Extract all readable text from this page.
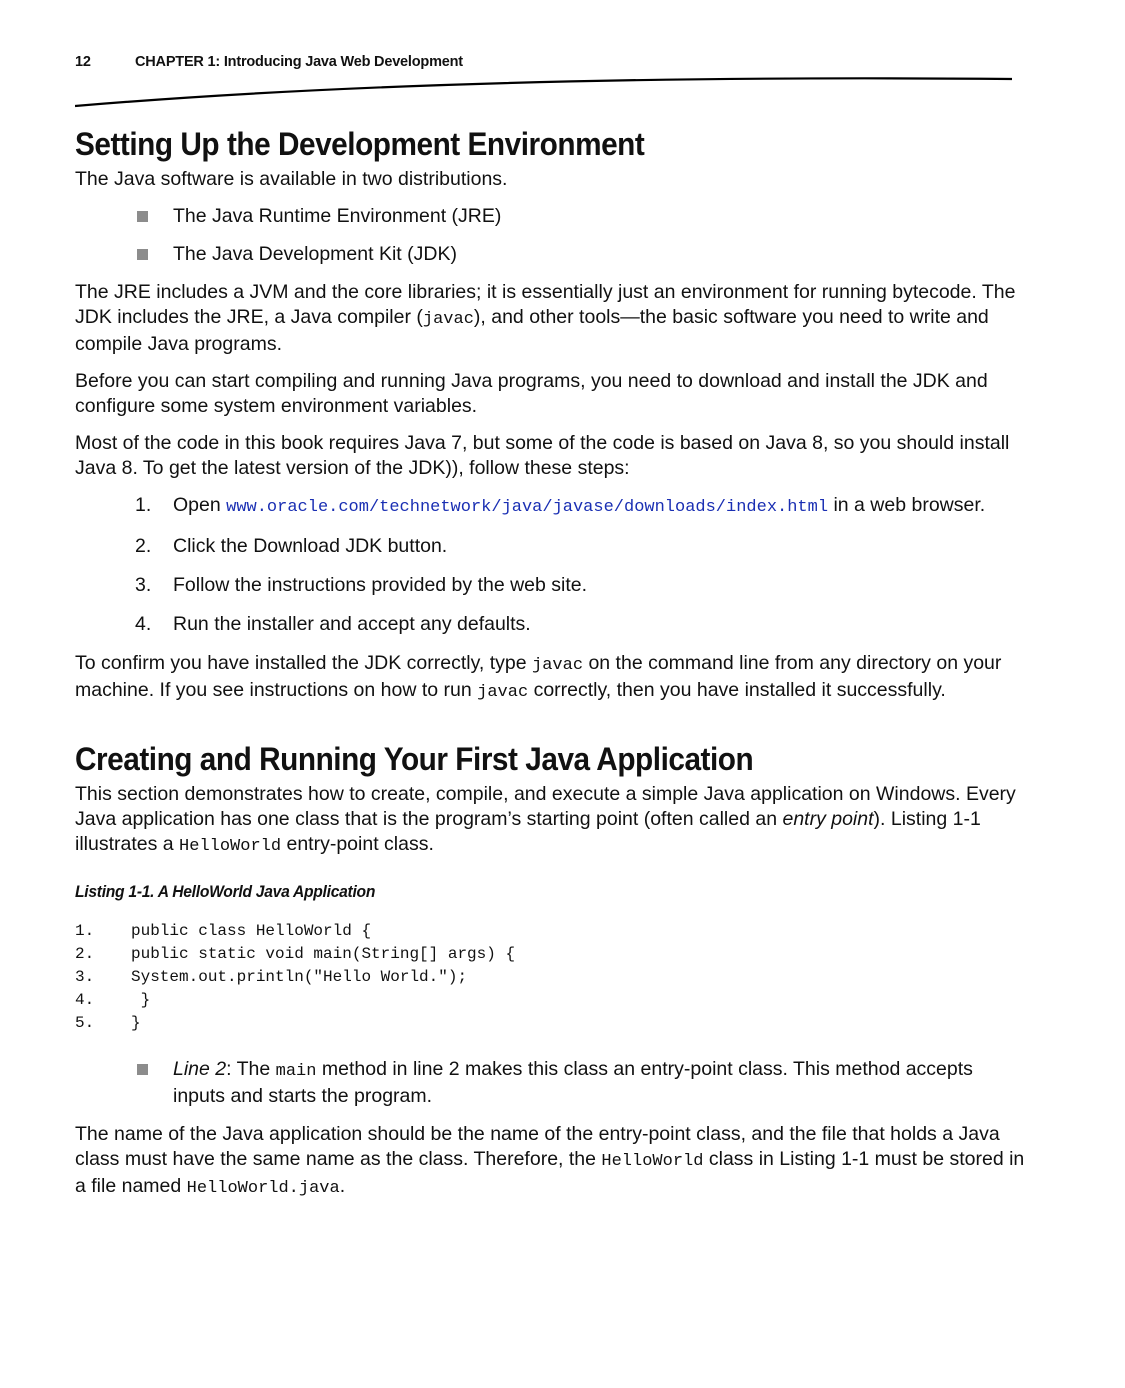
12	CHAPTER 1: Introducing Java Web Development
Setting Up the Development Environment

The Java software is available in two distributions.

The Java Runtime Environment (JRE)
The Java Development Kit (JDK)

The JRE includes a JVM and the core libraries; it is essentially just an environment for running bytecode. The JDK includes the JRE, a Java compiler (javac), and other tools—the basic software you need to write and compile Java programs.

Before you can start compiling and running Java programs, you need to download and install the JDK and configure some system environment variables.

Most of the code in this book requires Java 7, but some of the code is based on Java 8, so you should install Java 8. To get the latest version of the JDK)), follow these steps:

1. Open www.oracle.com/technetwork/java/javase/downloads/index.html in a web browser.
2. Click the Download JDK button.
3. Follow the instructions provided by the web site.
4. Run the installer and accept any defaults.

To confirm you have installed the JDK correctly, type javac on the command line from any directory on your machine. If you see instructions on how to run javac correctly, then you have installed it successfully.

Creating and Running Your First Java Application

This section demonstrates how to create, compile, and execute a simple Java application on Windows. Every Java application has one class that is the program’s starting point (often called an entry point). Listing 1-1 illustrates a HelloWorld entry-point class.

Listing 1-1. A HelloWorld Java Application
1. public class HelloWorld {
2. public static void main(String[] args) {
3. System.out.println("Hello World.");
4. }
5. }
Line 2: The main method in line 2 makes this class an entry-point class. This method accepts inputs and starts the program.

The name of the Java application should be the name of the entry-point class, and the file that holds a Java class must have the same name as the class. Therefore, the HelloWorld class in Listing 1-1 must be stored in a file named HelloWorld.java.
